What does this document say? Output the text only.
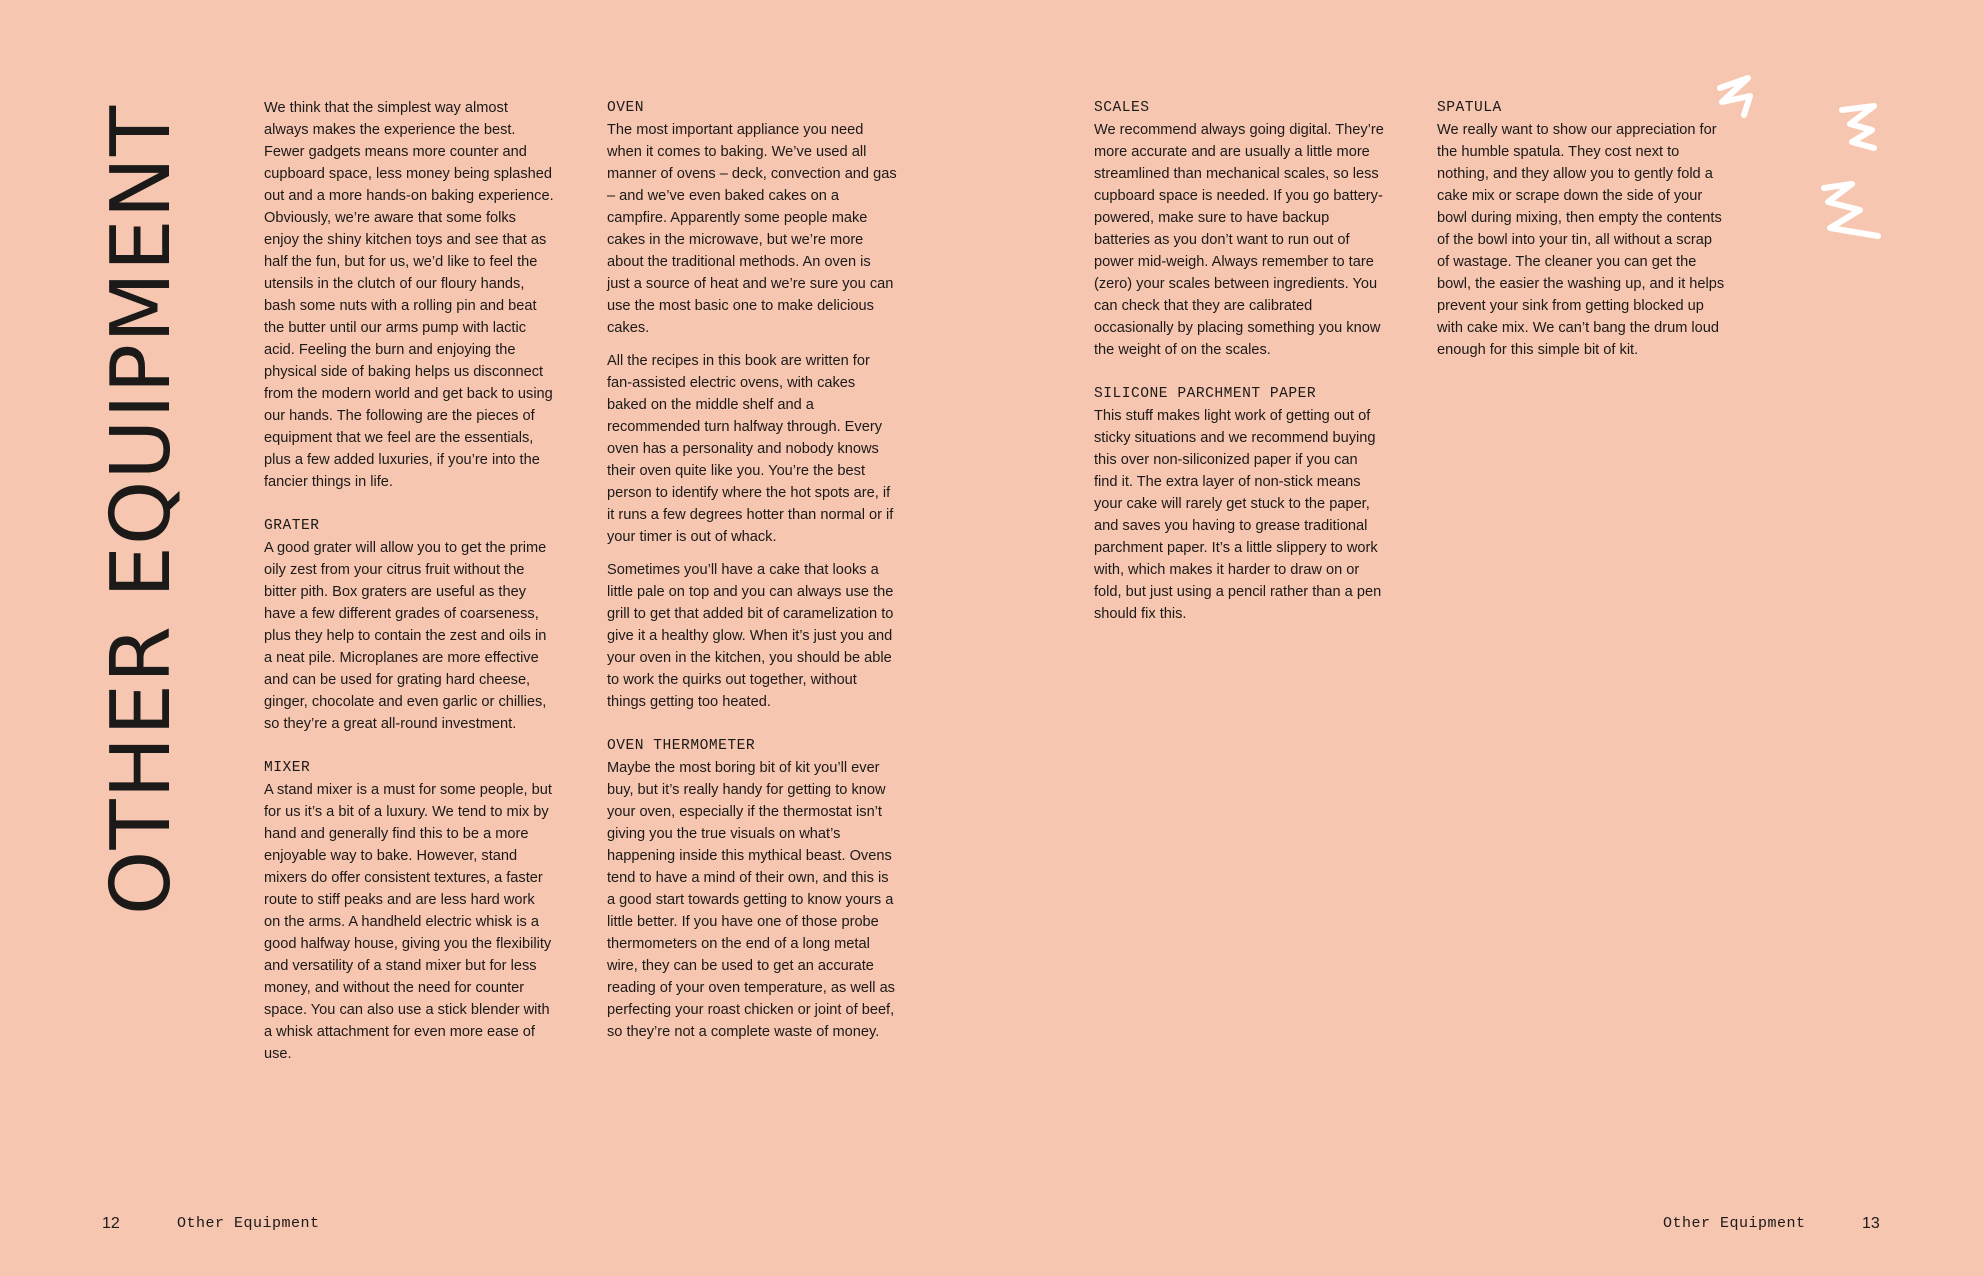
OTHER EQUIPMENT	We think that the simplest way almost always makes the experience the best. Fewer gadgets means more counter and cupboard space, less money being splashed out and a more hands-on baking experience. Obviously, we’re aware that some folks enjoy the shiny kitchen toys and see that as half the fun, but for us, we’d like to feel the utensils in the clutch of our floury hands, bash some nuts with a rolling pin and beat the butter until our arms pump with lactic acid. Feeling the burn and enjoying the physical side of baking helps us disconnect from the modern world and get back to using our hands. The following are the pieces of equipment that we feel are the essentials, plus a few added luxuries, if you’re into the fancier things in life.

GRATER

A good grater will allow you to get the prime oily zest from your citrus fruit without the bitter pith. Box graters are useful as they have a few different grades of coarseness, plus they help to contain the zest and oils in a neat pile. Microplanes are more effective and can be used for grating hard cheese, ginger, chocolate and even garlic or chillies, so they’re a great all-round investment.

MIXER

A stand mixer is a must for some people, but for us it’s a bit of a luxury. We tend to mix by hand and generally find this to be a more enjoyable way to bake. However, stand mixers do offer consistent textures, a faster route to stiff peaks and are less hard work on the arms. A handheld electric whisk is a good halfway house, giving you the flexibility and versatility of a stand mixer but for less money, and without the need for counter space. You can also use a stick blender with a whisk attachment for even more ease of use.

OVEN

The most important appliance you need when it comes to baking. We’ve used all manner of ovens – deck, convection and gas – and we’ve even baked cakes on a campfire. Apparently some people make cakes in the microwave, but we’re more about the traditional methods. An oven is just a source of heat and we’re sure you can use the most basic one to make delicious cakes.

All the recipes in this book are written for fan-assisted electric ovens, with cakes baked on the middle shelf and a recommended turn halfway through. Every oven has a personality and nobody knows their oven quite like you. You’re the best person to identify where the hot spots are, if it runs a few degrees hotter than normal or if your timer is out of whack.

Sometimes you’ll have a cake that looks a little pale on top and you can always use the grill to get that added bit of caramelization to give it a healthy glow. When it’s just you and your oven in the kitchen, you should be able to work the quirks out together, without things getting too heated.

OVEN THERMOMETER

Maybe the most boring bit of kit you’ll ever buy, but it’s really handy for getting to know your oven, especially if the thermostat isn’t giving you the true visuals on what’s happening inside this mythical beast. Ovens tend to have a mind of their own, and this is a good start towards getting to know yours a little better. If you have one of those probe thermometers on the end of a long metal wire, they can be used to get an accurate reading of your oven temperature, as well as perfecting your roast chicken or joint of beef, so they’re not a complete waste of money.

SCALES

We recommend always going digital. They’re more accurate and are usually a little more streamlined than mechanical scales, so less cupboard space is needed. If you go battery-powered, make sure to have backup batteries as you don’t want to run out of power mid-weigh. Always remember to tare (zero) your scales between ingredients. You can check that they are calibrated occasionally by placing something you know the weight of on the scales.

SILICONE PARCHMENT PAPER

This stuff makes light work of getting out of sticky situations and we recommend buying this over non-siliconized paper if you can find it. The extra layer of non-stick means your cake will rarely get stuck to the paper, and saves you having to grease traditional parchment paper. It’s a little slippery to work with, which makes it harder to draw on or fold, but just using a pencil rather than a pen should fix this.

SPATULA

We really want to show our appreciation for the humble spatula. They cost next to nothing, and they allow you to gently fold a cake mix or scrape down the side of your bowl during mixing, then empty the contents of the bowl into your tin, all without a scrap of wastage. The cleaner you can get the bowl, the easier the washing up, and it helps prevent your sink from getting blocked up with cake mix. We can’t bang the drum loud enough for this simple bit of kit.

12	Other Equipment	Other Equipment	13
